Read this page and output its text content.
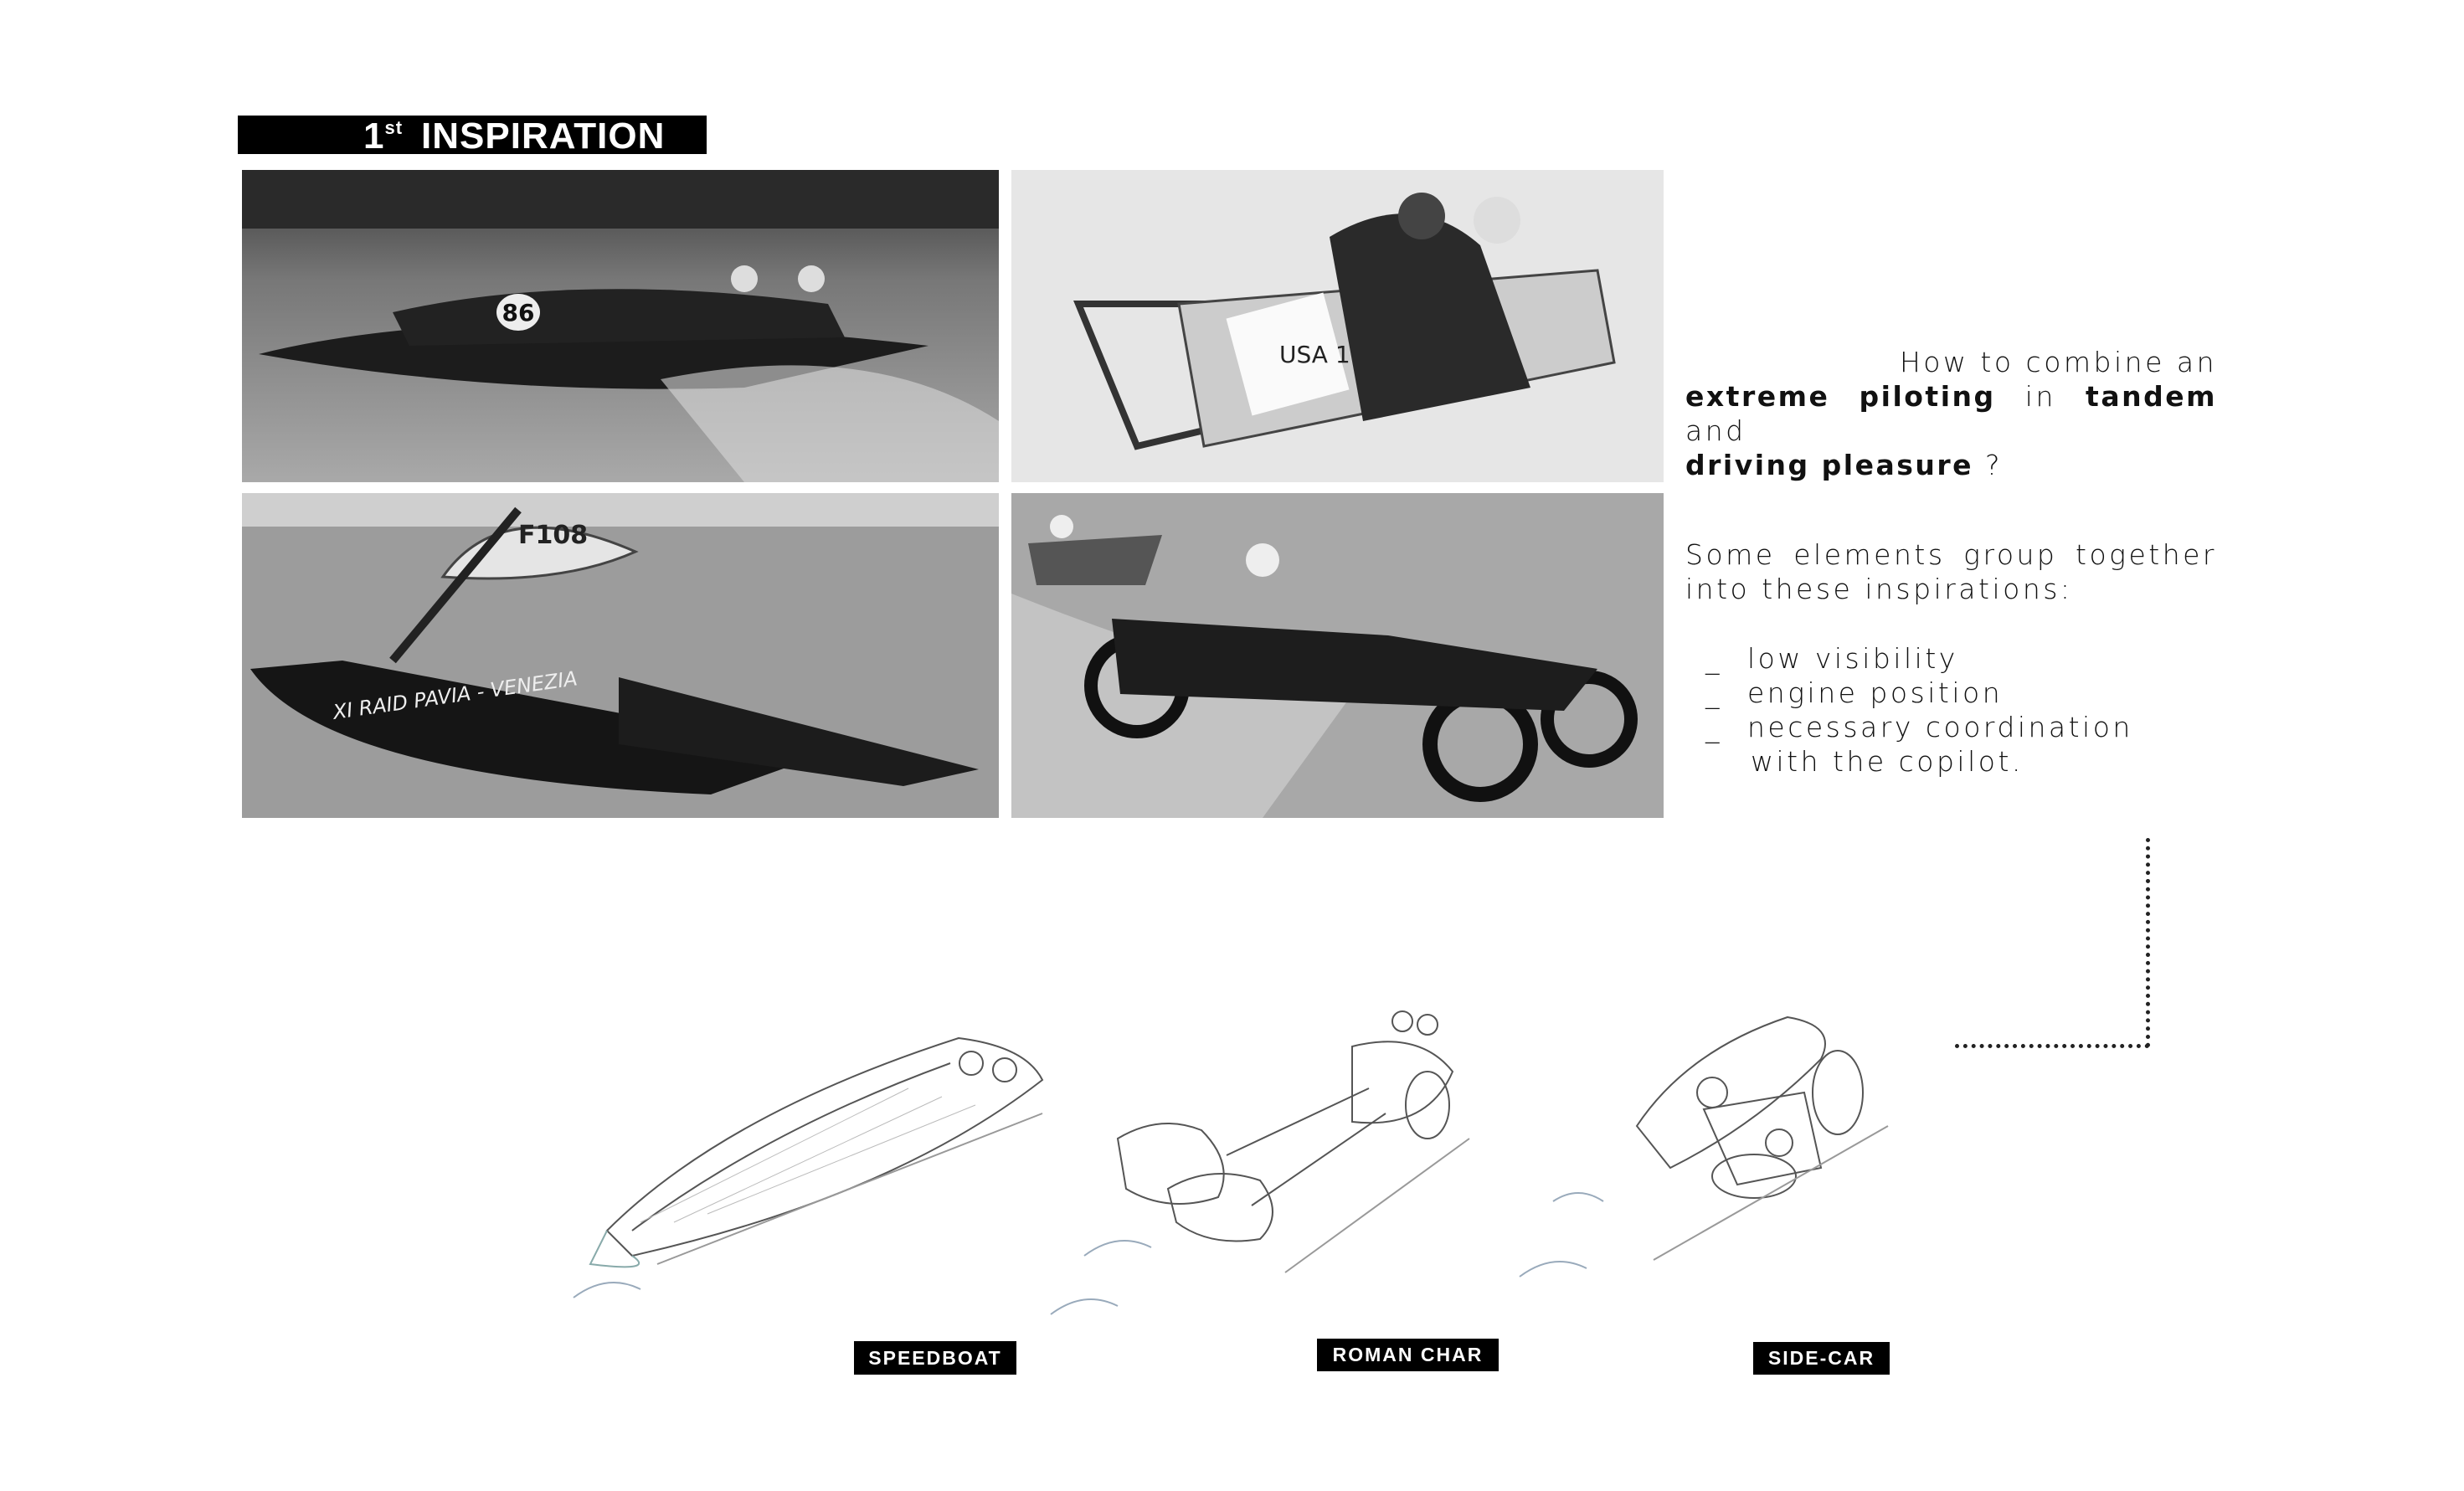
1st INSPIRATION
86
USA 1
F108
XI RAID PAVIA - VENEZIA

How to combine an
extreme piloting in tandem and
driving pleasure ?

Some elements group together into these inspirations:

_ low visibility
_ engine position
_ necessary coordination
with the copilot.
SPEEDBOAT	ROMAN CHAR	SIDE-CAR
